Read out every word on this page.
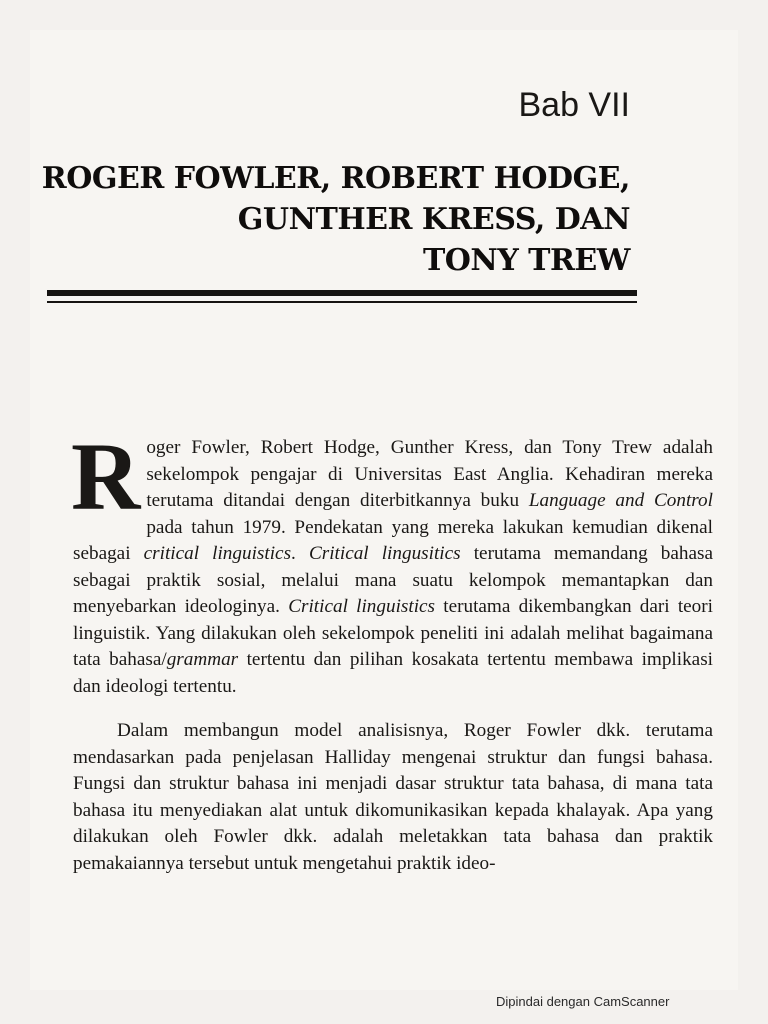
Bab VII
ROGER FOWLER, ROBERT HODGE,
GUNTHER KRESS, DAN
TONY TREW

Roger Fowler, Robert Hodge, Gunther Kress, dan Tony Trew adalah sekelompok pengajar di Universitas East Anglia. Kehadiran mereka terutama ditandai dengan diterbitkannya buku Language and Control pada tahun 1979. Pendekatan yang mereka lakukan kemudian dikenal sebagai critical linguistics. Critical lingusitics terutama memandang bahasa sebagai praktik sosial, melalui mana suatu kelompok memantapkan dan menyebarkan ideologinya. Critical linguistics terutama dikembangkan dari teori linguistik. Yang dilakukan oleh sekelompok peneliti ini adalah melihat bagaimana tata bahasa/grammar tertentu dan pilihan kosakata tertentu membawa implikasi dan ideologi tertentu.

Dalam membangun model analisisnya, Roger Fowler dkk. terutama mendasarkan pada penjelasan Halliday mengenai struktur dan fungsi bahasa. Fungsi dan struktur bahasa ini menjadi dasar struktur tata bahasa, di mana tata bahasa itu menyediakan alat untuk dikomunikasikan kepada khalayak. Apa yang dilakukan oleh Fowler dkk. adalah meletakkan tata bahasa dan praktik pemakaiannya tersebut untuk mengetahui praktik ideo-

Dipindai dengan CamScanner
